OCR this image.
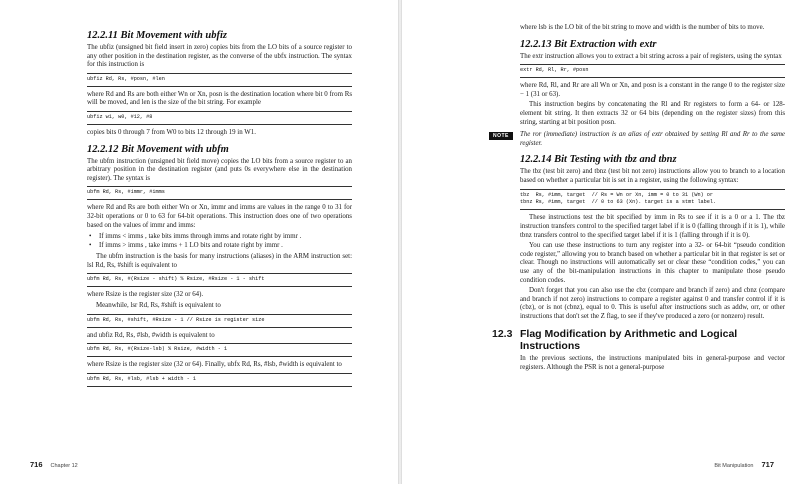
12.2.11 Bit Movement with ubfiz

The ubfiz (unsigned bit field insert in zero) copies bits from the LO bits of a source register to any other position in the destination register, as the converse of the ubfx instruction. The syntax for this instruction is

ubfiz Rd, Rs, #posn, #len

where Rd and Rs are both either Wn or Xn, posn is the destination location where bit 0 from Rs will be moved, and len is the size of the bit string. For example

ubfiz w1, w0, #12, #8

copies bits 0 through 7 from W0 to bits 12 through 19 in W1.

12.2.12 Bit Movement with ubfm

The ubfm instruction (unsigned bit field move) copies the LO bits from a source register to an arbitrary position in the destination register (and puts 0s everywhere else in the destination register). The syntax is

ubfm Rd, Rs, #immr, #imms

where Rd and Rs are both either Wn or Xn, immr and imms are values in the range 0 to 31 for 32-bit operations or 0 to 63 for 64-bit operations. This instruction does one of two operations based on the values of immr and imms:

• If imms < imms , take bits imms through imms and rotate right by immr .
• If imms > imms , take imms + 1 LO bits and rotate right by immr .

The ubfm instruction is the basis for many instructions (aliases) in the ARM instruction set: lsl Rd, Rs, #shift is equivalent to

ubfm Rd, Rs, #(Rsize - shift) % Rsize, #Rsize - 1 - shift

where Rsize is the register size (32 or 64).

Meanwhile, lsr Rd, Rs, #shift is equivalent to

ubfm Rd, Rs, #shift, #Rsize - 1 // Rsize is register size

and ubfiz Rd, Rs, #lsb, #width is equivalent to

ubfm Rd, Rs, #(Rsize-lsb) % Rsize, #width - 1

where Rsize is the register size (32 or 64). Finally, ubfx Rd, Rs, #lsb, #width is equivalent to

ubfm Rd, Rs, #lsb, #lsb + width - 1
716 Chapter 12

where lsb is the LO bit of the bit string to move and width is the number of bits to move.

12.2.13 Bit Extraction with extr

The extr instruction allows you to extract a bit string across a pair of registers, using the syntax

extr Rd, Rl, Rr, #posn

where Rd, Rl, and Rr are all Wn or Xn, and posn is a constant in the range 0 to the register size − 1 (31 or 63).

This instruction begins by concatenating the Rl and Rr registers to form a 64- or 128-element bit string. It then extracts 32 or 64 bits (depending on the register sizes) from this string, starting at bit position posn.

NOTE	The ror (immediate) instruction is an alias of extr obtained by setting Rl and Rr to the same register.

12.2.14 Bit Testing with tbz and tbnz

The tbz (test bit zero) and tbnz (test bit not zero) instructions allow you to branch to a location based on whether a particular bit is set in a register, using the following syntax:

tbz  Rs, #imm, target  // Rs = Wn or Xn, imm = 0 to 31 (Wn) or
tbnz Rs, #imm, target  // 0 to 63 (Xn). target is a stmt label.

These instructions test the bit specified by imm in Rs to see if it is a 0 or a 1. The tbz instruction transfers control to the specified target label if it is 0 (falling through if it is 1), while tbnz transfers control to the specified target label if it is 1 (falling through if it is 0).

You can use these instructions to turn any register into a 32- or 64-bit “pseudo condition code register,” allowing you to branch based on whether a particular bit in that register is set or clear. Though no instructions will automatically set or clear these “condition codes,” you can use any of the bit-manipulation instructions in this chapter to manipulate those pseudo condition codes.

Don't forget that you can also use the cbz (compare and branch if zero) and cbnz (compare and branch if not zero) instructions to compare a register against 0 and transfer control if it is (cbz), or is not (cbnz), equal to 0. This is useful after instructions such as addw, orr, or other instructions that don't set the Z flag, to see if they've produced a zero (or nonzero) result.

12.3 Flag Modification by Arithmetic and Logical Instructions

In the previous sections, the instructions manipulated bits in general-purpose and vector registers. Although the PSR is not a general-purpose

Bit Manipulation 717
